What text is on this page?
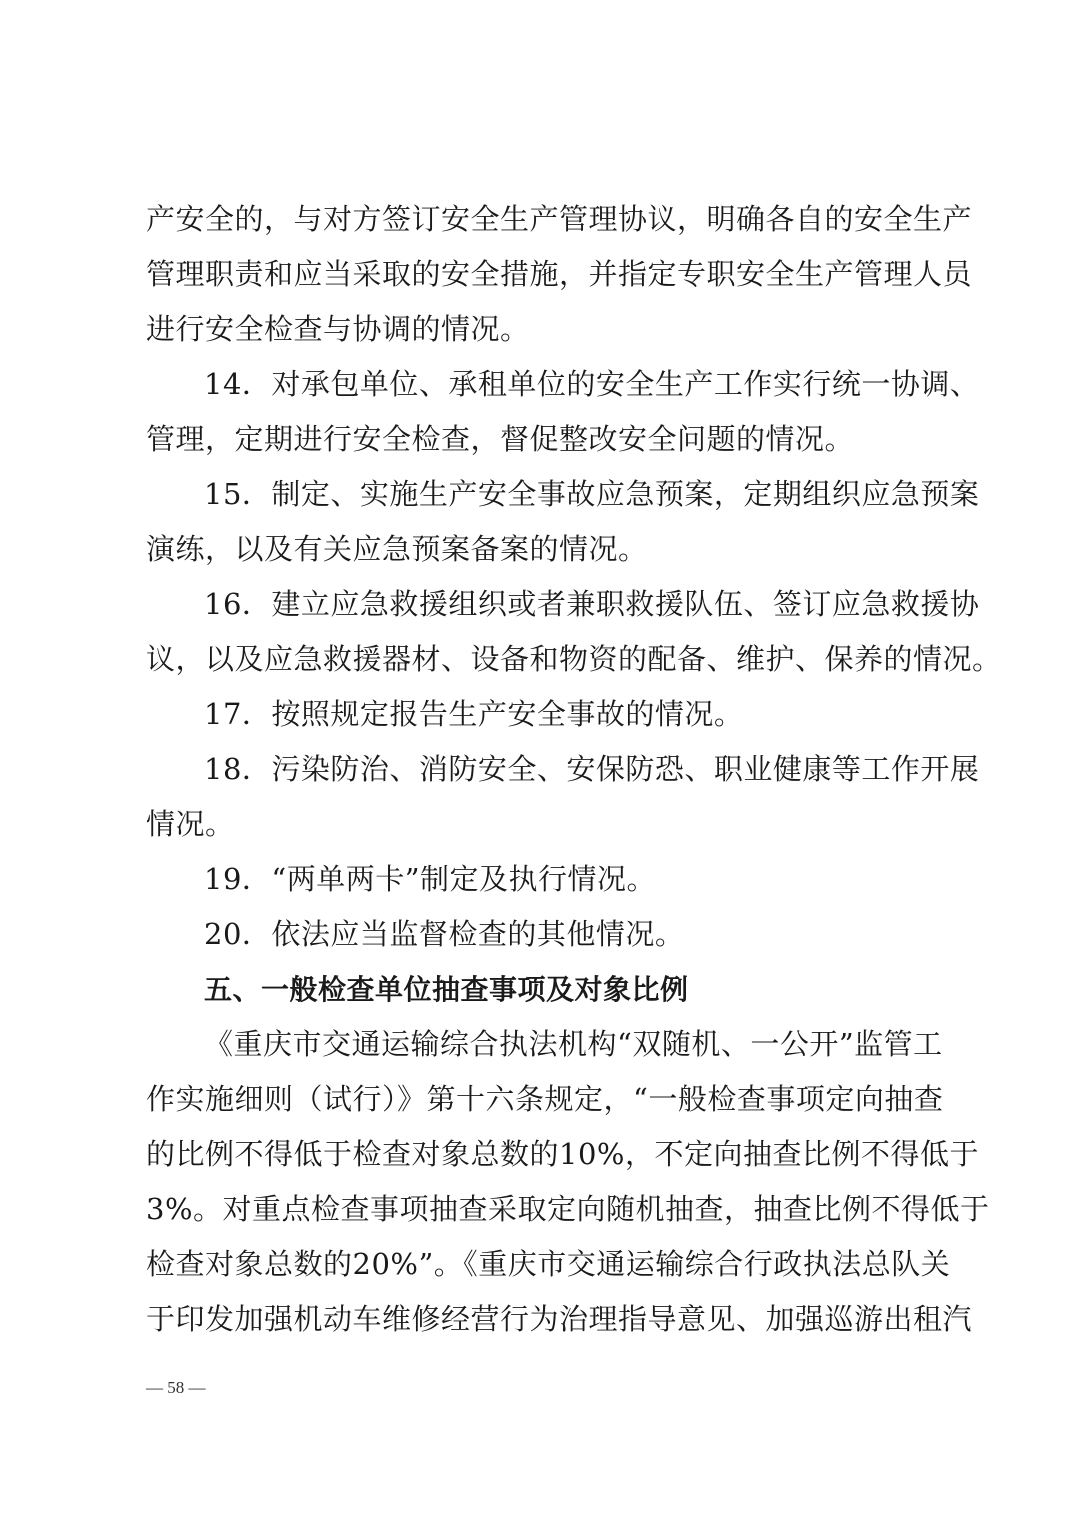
产安全的，与对方签订安全生产管理协议，明确各自的安全生产
管理职责和应当采取的安全措施，并指定专职安全生产管理人员
进行安全检查与协调的情况。
14．对承包单位、承租单位的安全生产工作实行统一协调、
管理，定期进行安全检查，督促整改安全问题的情况。
15．制定、实施生产安全事故应急预案，定期组织应急预案
演练，以及有关应急预案备案的情况。
16．建立应急救援组织或者兼职救援队伍、签订应急救援协
议，以及应急救援器材、设备和物资的配备、维护、保养的情况。
17．按照规定报告生产安全事故的情况。
18．污染防治、消防安全、安保防恐、职业健康等工作开展
情况。
19．“两单两卡”制定及执行情况。
20．依法应当监督检查的其他情况。
五、一般检查单位抽查事项及对象比例
《重庆市交通运输综合执法机构“双随机、一公开”监管工
作实施细则（试行）》第十六条规定，“一般检查事项定向抽查
的比例不得低于检查对象总数的10%，不定向抽查比例不得低于
3%。对重点检查事项抽查采取定向随机抽查，抽查比例不得低于
检查对象总数的20%”。《重庆市交通运输综合行政执法总队关
于印发加强机动车维修经营行为治理指导意见、加强巡游出租汽
— 58 —
